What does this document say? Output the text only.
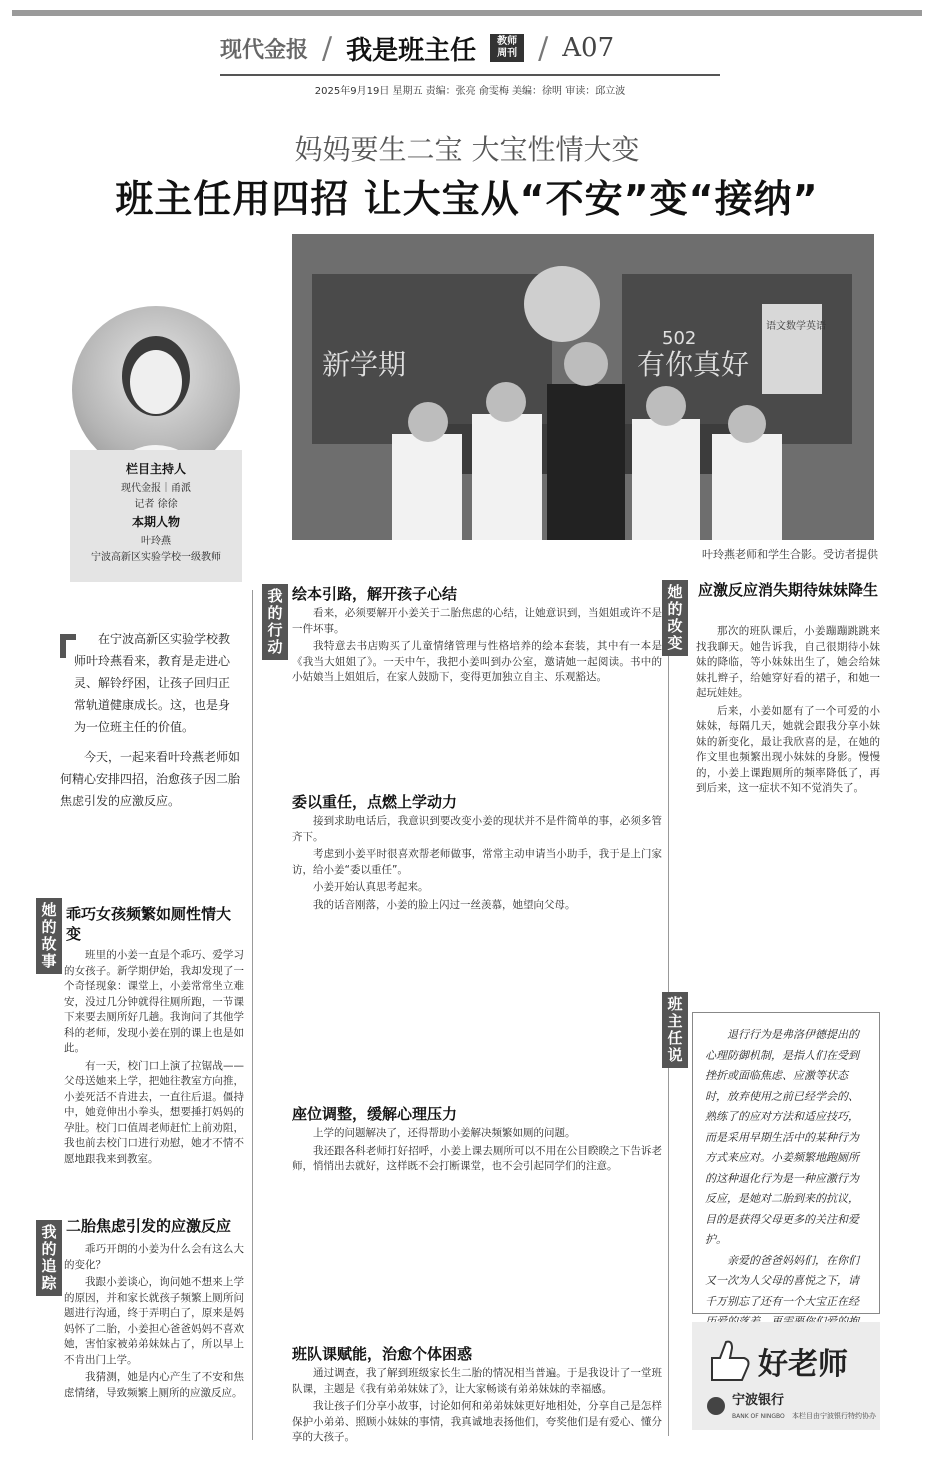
现代金报 / 我是班主任	教师周刊 / A07
2025年9月19日 星期五 责编：张亮 俞雯梅 美编：徐明 审读：邱立波
妈妈要生二宝 大宝性情大变
班主任用四招 让大宝从“不安”变“接纳”
新学期	有你真好
502
语文数学英语
叶玲燕老师和学生合影。受访者提供
栏目主持人
现代金报｜甬派
记者 徐徐
本期人物
叶玲燕
宁波高新区实验学校一级教师

在宁波高新区实验学校教师叶玲燕看来，教育是走进心灵、解铃纾困，让孩子回归正常轨道健康成长。这，也是身为一位班主任的价值。

今天，一起来看叶玲燕老师如何精心安排四招，治愈孩子因二胎焦虑引发的应激反应。

她的故事
乖巧女孩频繁如厕性情大变

班里的小姜一直是个乖巧、爱学习的女孩子。新学期伊始，我却发现了一个奇怪现象：课堂上，小姜常常坐立难安，没过几分钟就得往厕所跑，一节课下来要去厕所好几趟。我询问了其他学科的老师，发现小姜在别的课上也是如此。

有一天，校门口上演了拉锯战——父母送她来上学，把她往教室方向推，小姜死活不肯进去，一直往后退。僵持中，她竟伸出小拳头，想要捶打妈妈的孕肚。校门口值周老师赶忙上前劝阻，我也前去校门口进行劝慰，她才不情不愿地跟我来到教室。

我的追踪
二胎焦虑引发的应激反应

乖巧开朗的小姜为什么会有这么大的变化？

我跟小姜谈心，询问她不想来上学的原因，并和家长就孩子频繁上厕所问题进行沟通，终于弄明白了，原来是妈妈怀了二胎，小姜担心爸爸妈妈不喜欢她，害怕家被弟弟妹妹占了，所以早上不肯出门上学。

我猜测，她是内心产生了不安和焦虑情绪，导致频繁上厕所的应激反应。

我的行动
绘本引路，解开孩子心结

看来，必须要解开小姜关于二胎焦虑的心结，让她意识到，当姐姐或许不是一件坏事。

我特意去书店购买了儿童情绪管理与性格培养的绘本套装，其中有一本是《我当大姐姐了》。一天中午，我把小姜叫到办公室，邀请她一起阅读。书中的小姑娘当上姐姐后，在家人鼓励下，变得更加独立自主、乐观豁达。

委以重任，点燃上学动力

接到求助电话后，我意识到要改变小姜的现状并不是件简单的事，必须多管齐下。

考虑到小姜平时很喜欢帮老师做事，常常主动申请当小助手，我于是上门家访，给小姜“委以重任”。

小姜开始认真思考起来。

我的话音刚落，小姜的脸上闪过一丝羡慕，她望向父母。

座位调整，缓解心理压力

上学的问题解决了，还得帮助小姜解决频繁如厕的问题。

我还跟各科老师打好招呼，小姜上课去厕所可以不用在公目睽睽之下告诉老师，悄悄出去就好，这样既不会打断课堂，也不会引起同学们的注意。

班队课赋能，治愈个体困惑

通过调查，我了解到班级家长生二胎的情况相当普遍。于是我设计了一堂班队课，主题是《我有弟弟妹妹了》，让大家畅谈有弟弟妹妹的幸福感。

我让孩子们分享小故事，讨论如何和弟弟妹妹更好地相处，分享自己是怎样保护小弟弟、照顾小妹妹的事情，我真诚地表扬他们，夸奖他们是有爱心、懂分享的大孩子。

她的改变
应激反应消失期待妹妹降生

那次的班队课后，小姜蹦蹦跳跳来找我聊天。她告诉我，自己很期待小妹妹的降临，等小妹妹出生了，她会给妹妹扎辫子，给她穿好看的裙子，和她一起玩娃娃。

后来，小姜如愿有了一个可爱的小妹妹，每隔几天，她就会跟我分享小妹妹的新变化，最让我欣喜的是，在她的作文里也频繁出现小妹妹的身影。慢慢的，小姜上课跑厕所的频率降低了，再到后来，这一症状不知不觉消失了。

班主任说

退行行为是弗洛伊德提出的心理防御机制，是指人们在受到挫折或面临焦虑、应激等状态时，放弃使用之前已经学会的、熟练了的应对方法和适应技巧，而是采用早期生活中的某种行为方式来应对。小姜频繁地跑厕所的这种退化行为是一种应激行为反应，是她对二胎到来的抗议，目的是获得父母更多的关注和爱护。

亲爱的爸爸妈妈们，在你们又一次为人父母的喜悦之下，请千万别忘了还有一个大宝正在经

好老师
宁波银行
BANK OF NINGBO 本栏目由宁波银行特约协办
